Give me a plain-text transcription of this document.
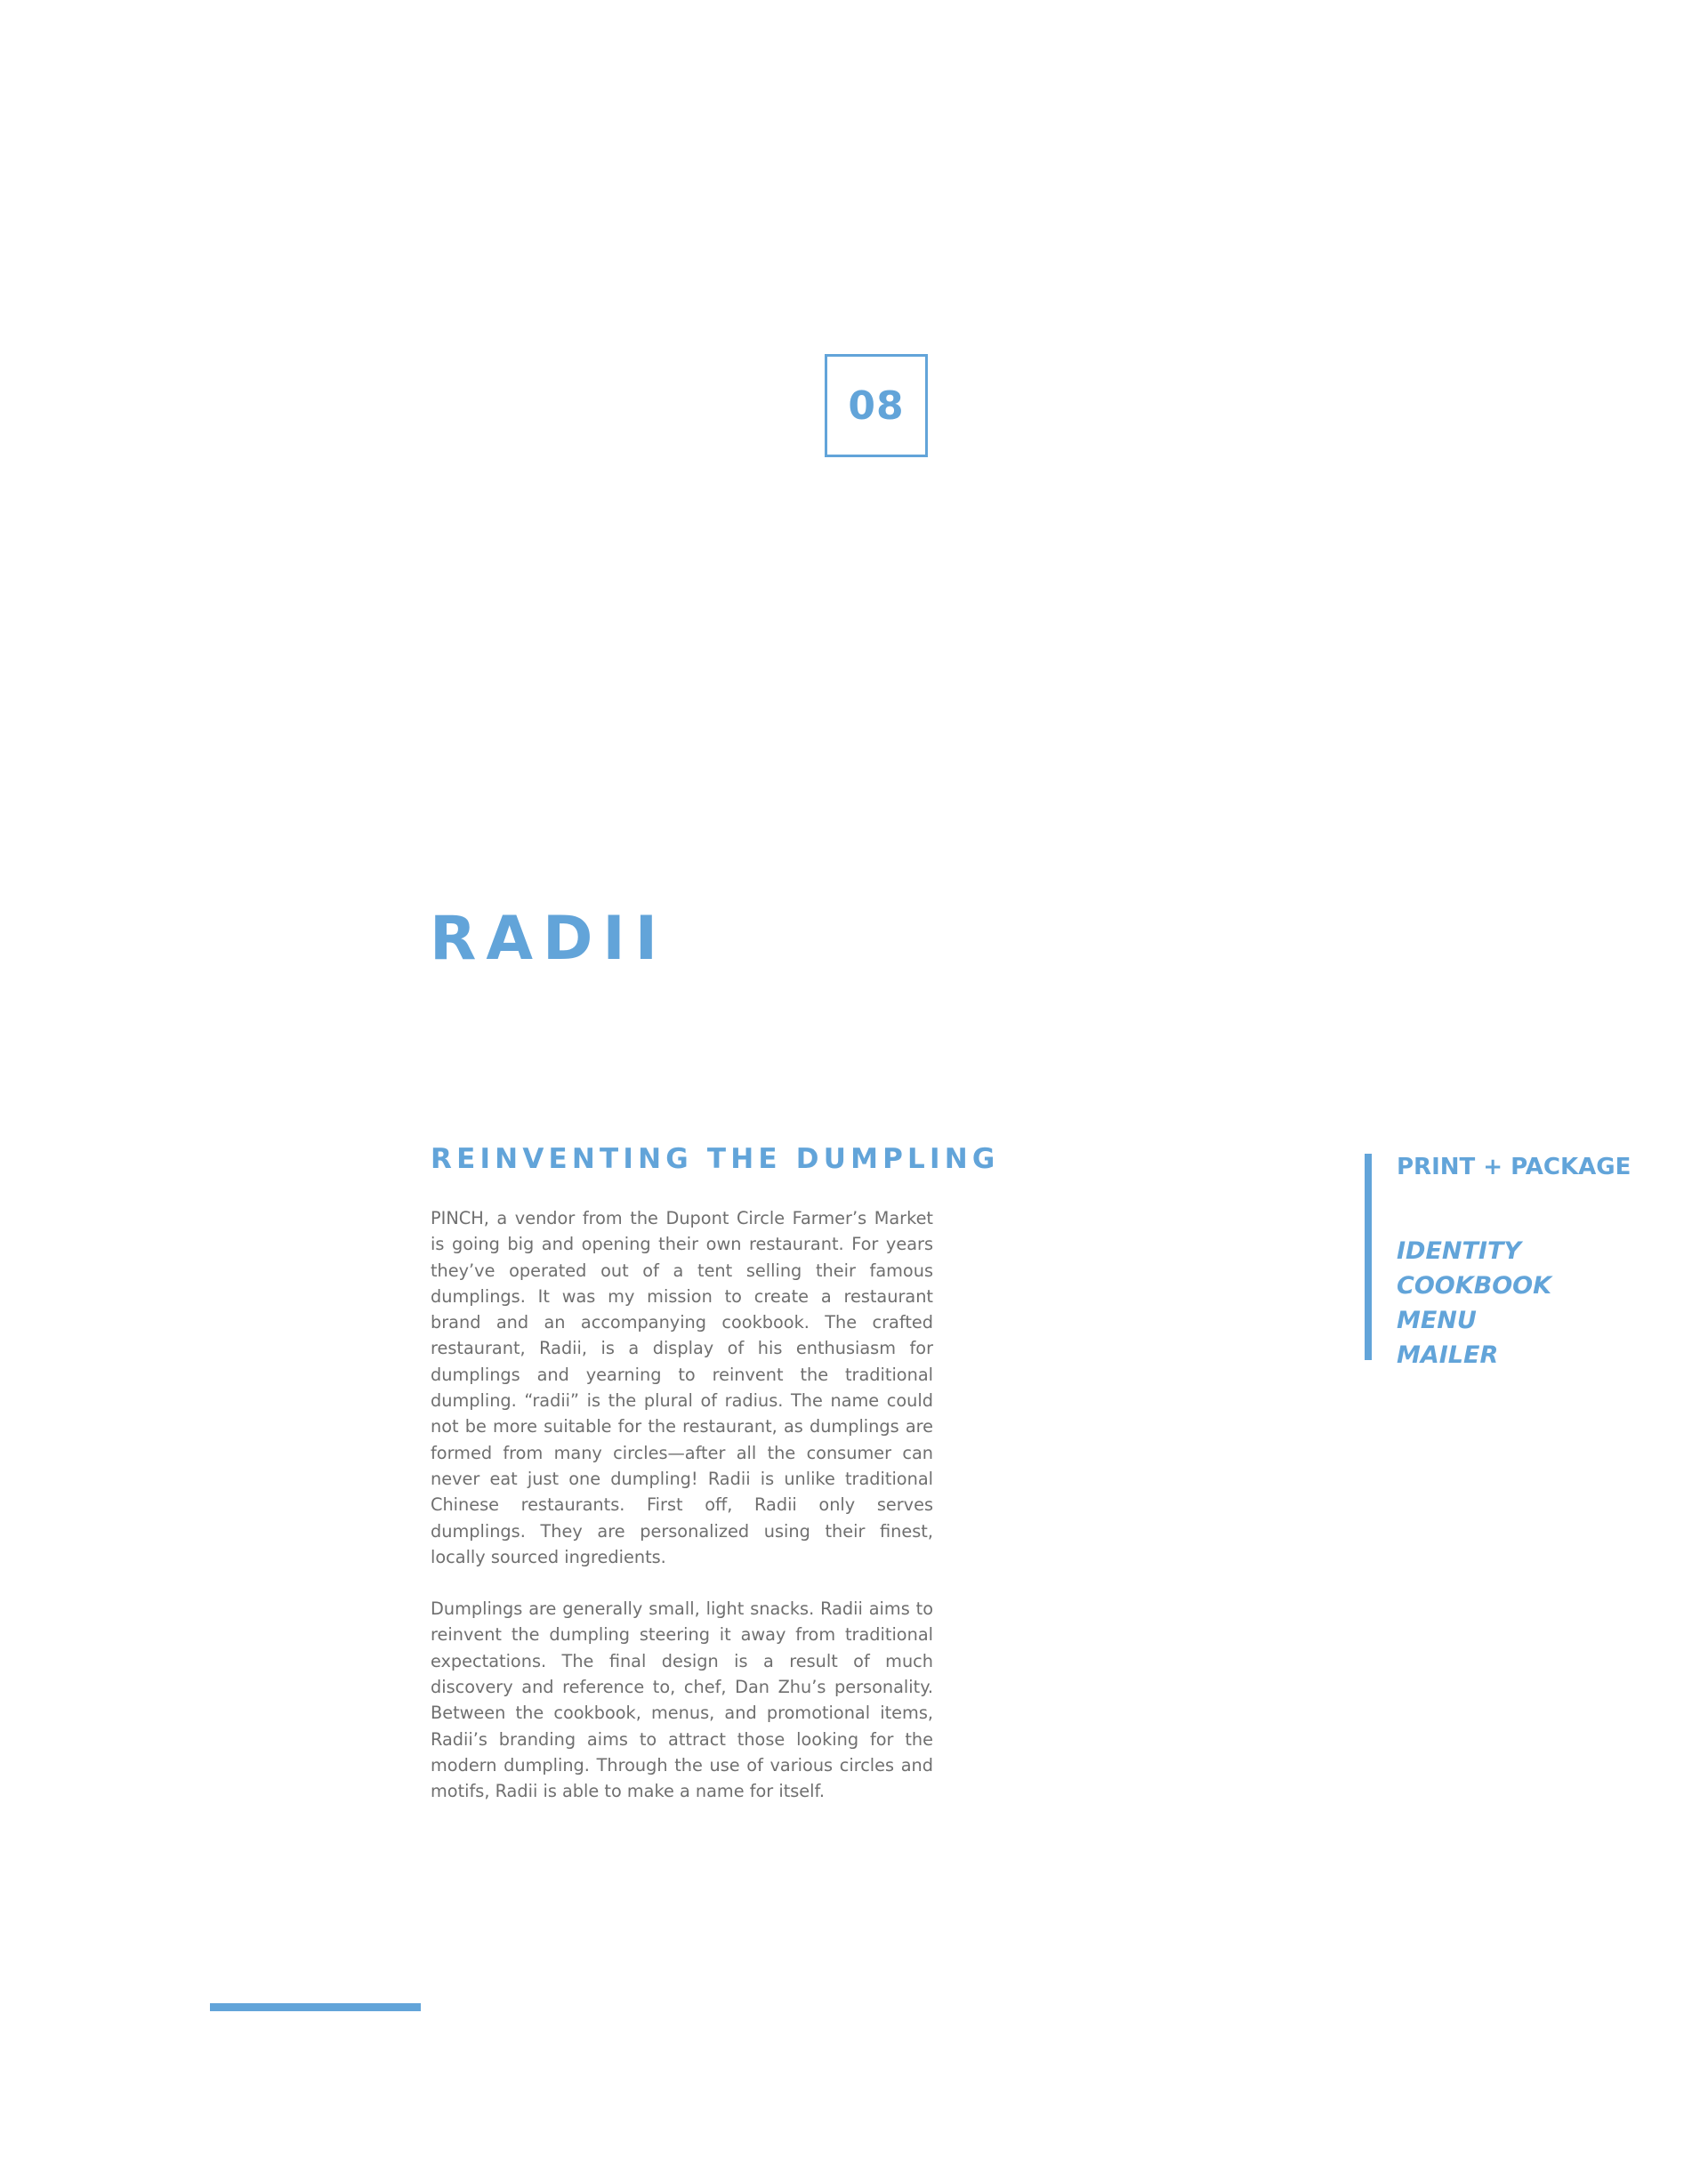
08
RADII
REINVENTING THE DUMPLING

PINCH, a vendor from the Dupont Circle Farmer’s Market is going big and opening their own restaurant. For years they’ve operated out of a tent selling their famous dumplings. It was my mission to create a restaurant brand and an accompanying cookbook. The crafted restaurant, Radii, is a display of his enthusiasm for dumplings and yearning to reinvent the traditional dumpling. “radii” is the plural of radius. The name could not be more suitable for the restaurant, as dumplings are formed from many circles—after all the consumer can never eat just one dumpling! Radii is unlike traditional Chinese restaurants. First off, Radii only serves dumplings. They are personalized using their finest, locally sourced ingredients.

Dumplings are generally small, light snacks. Radii aims to reinvent the dumpling steering it away from traditional expectations. The final design is a result of much discovery and reference to, chef, Dan Zhu’s personality. Between the cookbook, menus, and promotional items, Radii’s branding aims to attract those looking for the modern dumpling. Through the use of various circles and motifs, Radii is able to make a name for itself.

PRINT + PACKAGE
IDENTITY
COOKBOOK
MENU
MAILER
